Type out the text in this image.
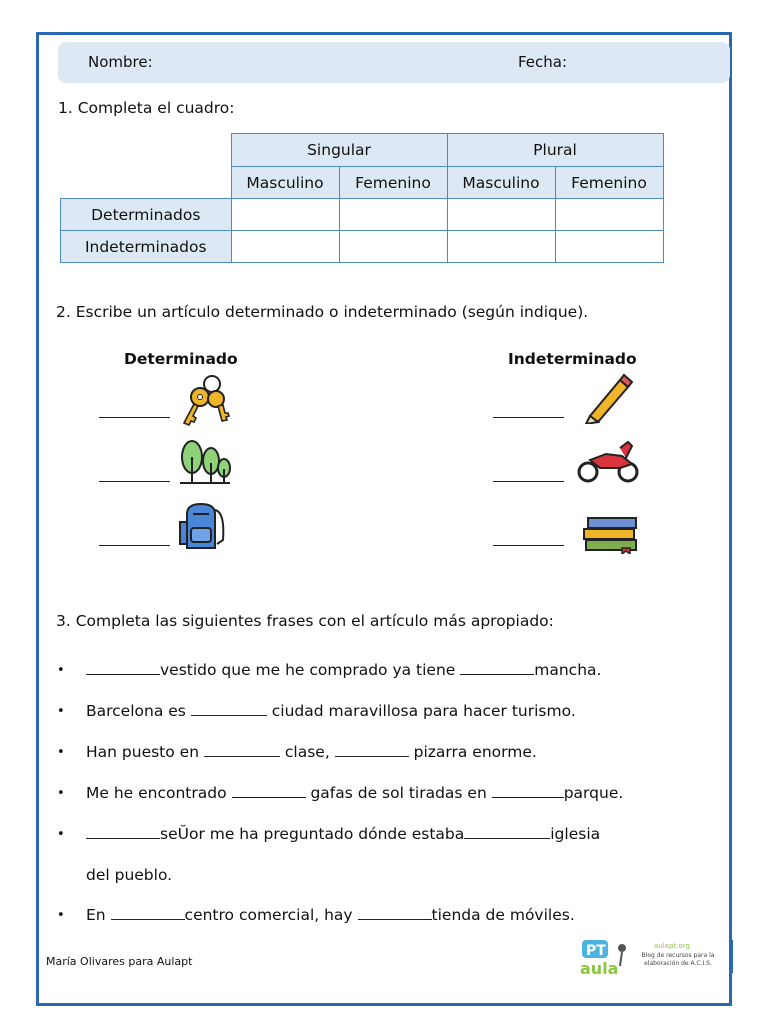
Nombre:	Fecha:
1. Completa el cuadro:
	Singular		Plural	
	Masculino	Femenino	Masculino	Femenino
Determinados				
Indeterminados				
2. Escribe un artículo determinado o indeterminado (según indique).
Determinado	Indeterminado
3. Completa las siguientes frases con el artículo más apropiado:
•	vestido que me he comprado ya tiene	mancha.
• Barcelona es	ciudad maravillosa para hacer turismo.
• Han puesto en	clase,	pizarra enorme.
• Me he encontrado	gafas de sol tiradas en	parque.
•	seŬor me ha preguntado dónde estaba	iglesia
del pueblo.
• En	centro comercial, hay	tienda de móviles.
María Olivares para Aulapt
PT
aula
aulapt.org
Blog de recursos para la elaboración de A.C.I.S.
